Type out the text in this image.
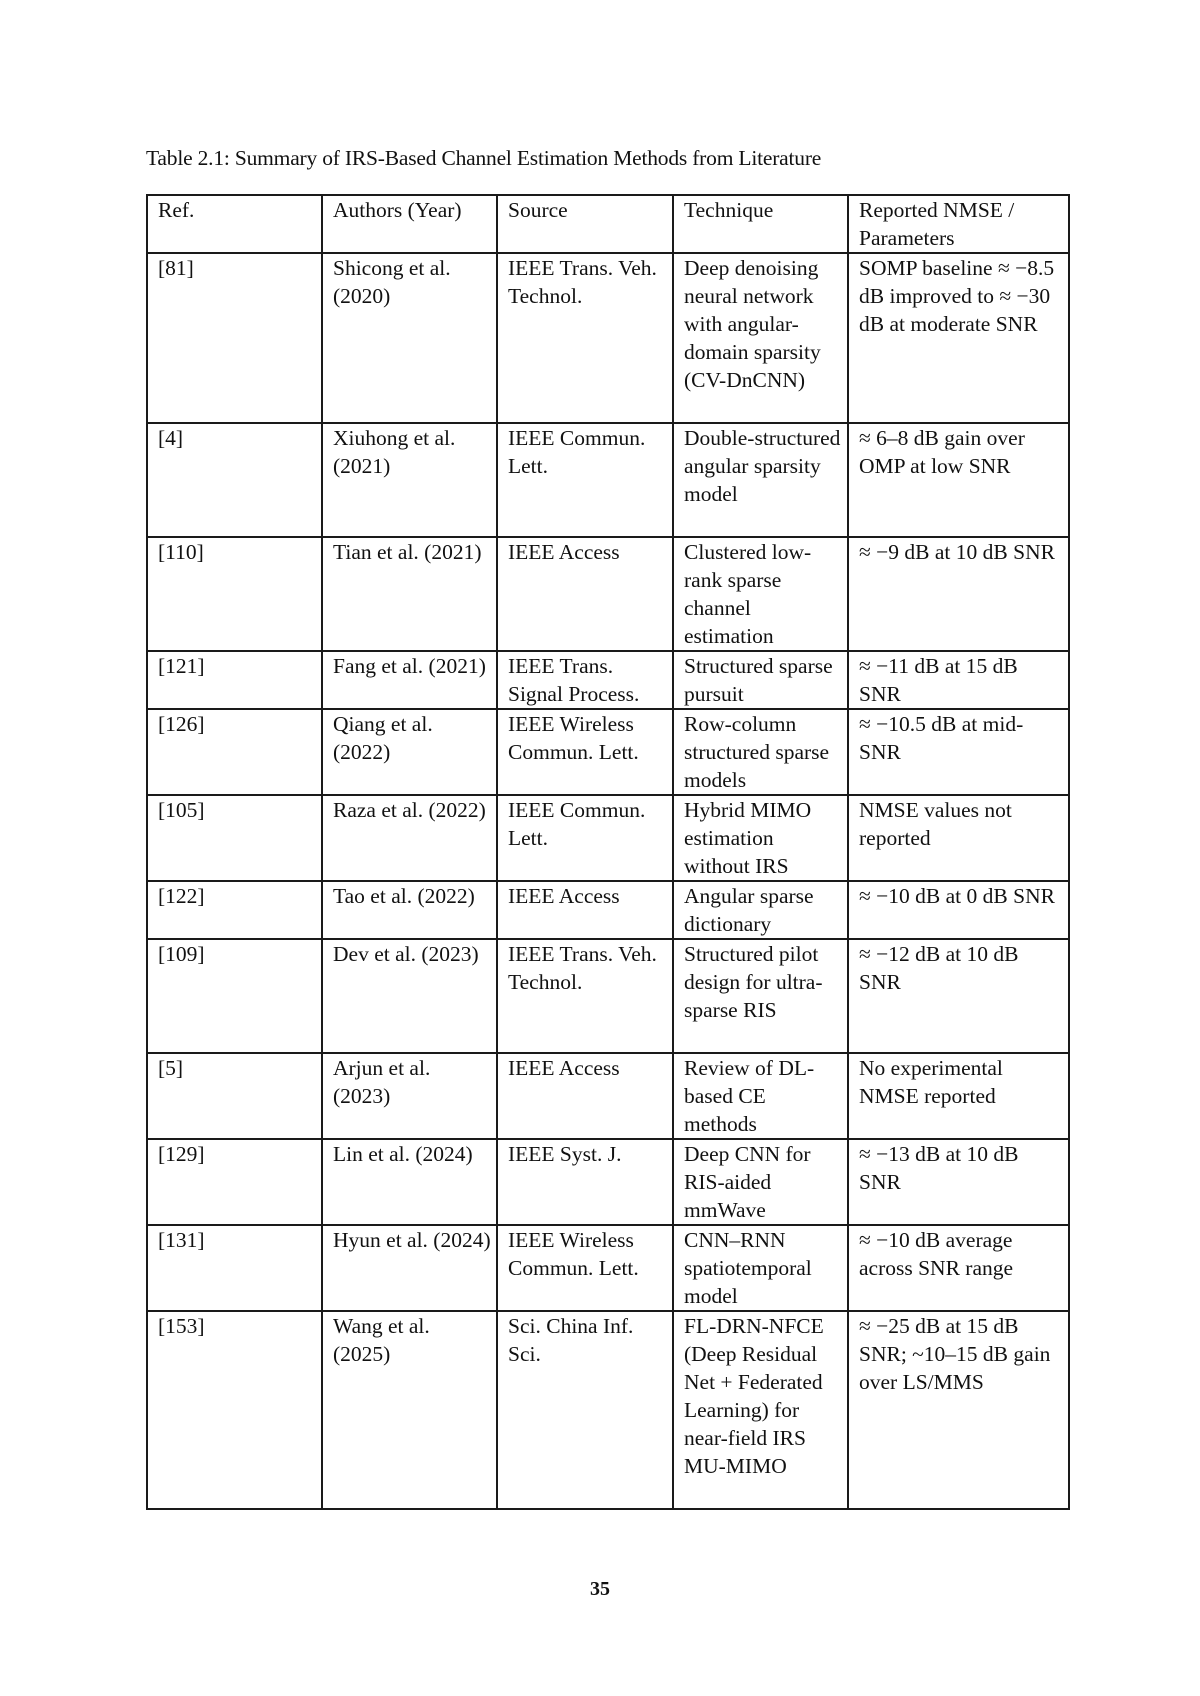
Table 2.1: Summary of IRS-Based Channel Estimation Methods from Literature
Ref.	Authors (Year)	Source	Technique	Reported NMSE / Parameters
[81]	Shicong et al. (2020)	IEEE Trans. Veh. Technol.	Deep denoising neural network with angular-domain sparsity (CV-DnCNN)	SOMP baseline ≈ −8.5 dB improved to ≈ −30 dB at moderate SNR
[4]	Xiuhong et al. (2021)	IEEE Commun. Lett.	Double-structured angular sparsity model	≈ 6–8 dB gain over OMP at low SNR
[110]	Tian et al. (2021)	IEEE Access	Clustered low-rank sparse channel estimation	≈ −9 dB at 10 dB SNR
[121]	Fang et al. (2021)	IEEE Trans. Signal Process.	Structured sparse pursuit	≈ −11 dB at 15 dB SNR
[126]	Qiang et al. (2022)	IEEE Wireless Commun. Lett.	Row-column structured sparse models	≈ −10.5 dB at mid-SNR
[105]	Raza et al. (2022)	IEEE Commun. Lett.	Hybrid MIMO estimation without IRS	NMSE values not reported
[122]	Tao et al. (2022)	IEEE Access	Angular sparse dictionary	≈ −10 dB at 0 dB SNR
[109]	Dev et al. (2023)	IEEE Trans. Veh. Technol.	Structured pilot design for ultra-sparse RIS	≈ −12 dB at 10 dB SNR
[5]	Arjun et al. (2023)	IEEE Access	Review of DL-based CE methods	No experimental NMSE reported
[129]	Lin et al. (2024)	IEEE Syst. J.	Deep CNN for RIS-aided mmWave	≈ −13 dB at 10 dB SNR
[131]	Hyun et al. (2024)	IEEE Wireless Commun. Lett.	CNN–RNN spatiotemporal model	≈ −10 dB average across SNR range
[153]	Wang et al. (2025)	Sci. China Inf. Sci.	FL-DRN-NFCE (Deep Residual Net + Federated Learning) for near-field IRS MU-MIMO	≈ −25 dB at 15 dB SNR; ~10–15 dB gain over LS/MMS
35
